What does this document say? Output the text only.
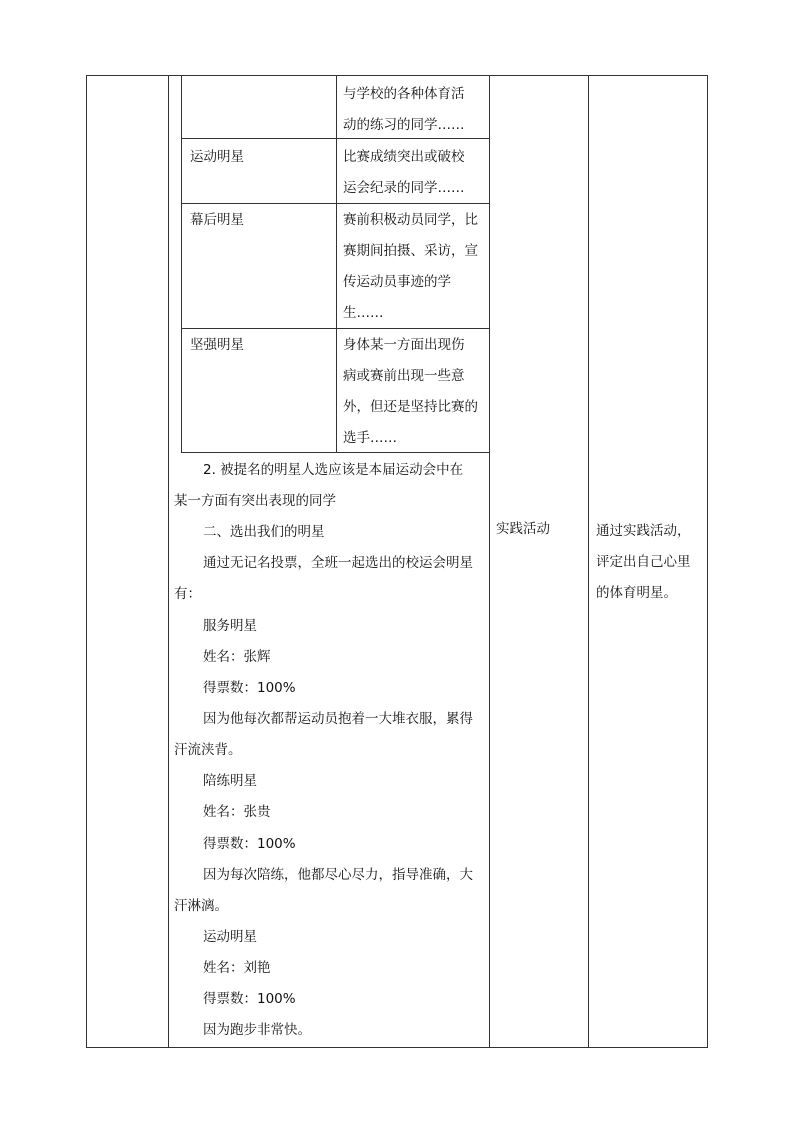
与学校的各种体育活
动的练习的同学……
运动明星	比赛成绩突出或破校
运会纪录的同学……
幕后明星	赛前积极动员同学，比
赛期间拍摄、采访，宣
传运动员事迹的学
生……
坚强明星	身体某一方面出现伤
病或赛前出现一些意
外，但还是坚持比赛的
选手……
2. 被提名的明星人选应该是本届运动会中在
某一方面有突出表现的同学
二、选出我们的明星
通过无记名投票，全班一起选出的校运会明星
有：
服务明星
姓名：张辉
得票数：100%
因为他每次都帮运动员抱着一大堆衣服，累得
汗流浃背。
陪练明星
姓名：张贵
得票数：100%
因为每次陪练，他都尽心尽力，指导准确，大
汗淋漓。
运动明星
姓名：刘艳
得票数：100%
因为跑步非常快。
实践活动	通过实践活动，
评定出自己心里
的体育明星。
